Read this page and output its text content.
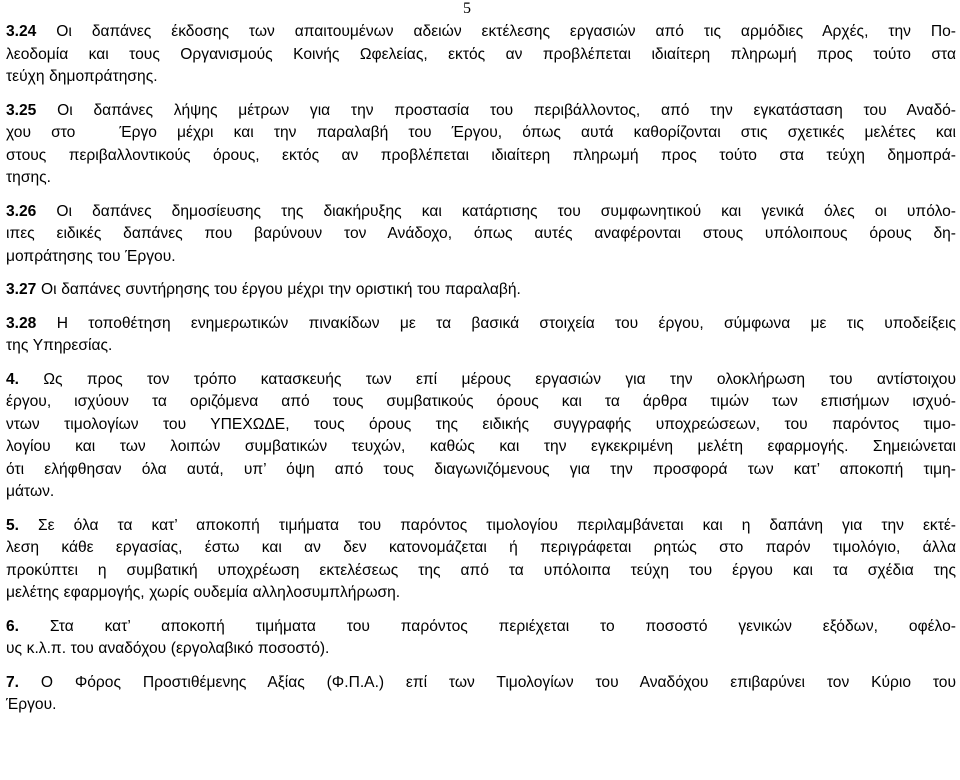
5

3.24 Οι δαπάνες έκδοσης των απαιτουμένων αδειών εκτέλεσης εργασιών από τις αρμόδιες Αρχές, την Πο-
λεοδομία και τους Οργανισμούς Κοινής Ωφελείας, εκτός αν προβλέπεται ιδιαίτερη πληρωμή προς τούτο στα
τεύχη δημοπράτησης.

3.25 Οι δαπάνες λήψης μέτρων για την προστασία του περιβάλλοντος, από την εγκατάσταση του Αναδό-
χου στο	Έργο μέχρι και την παραλαβή του Έργου, όπως αυτά καθορίζονται στις σχετικές μελέτες και
στους περιβαλλοντικούς όρους, εκτός αν προβλέπεται ιδιαίτερη πληρωμή προς τούτο στα τεύχη δημοπρά-
τησης.

3.26 Οι δαπάνες δημοσίευσης της διακήρυξης και κατάρτισης του συμφωνητικού και γενικά όλες οι υπόλο-
ιπες ειδικές δαπάνες που βαρύνουν τον Ανάδοχο, όπως αυτές αναφέρονται στους υπόλοιπους όρους δη-
μοπράτησης του Έργου.

3.27 Οι δαπάνες συντήρησης του έργου μέχρι την οριστική του παραλαβή.

3.28 Η τοποθέτηση ενημερωτικών πινακίδων με τα βασικά στοιχεία του έργου, σύμφωνα με τις υποδείξεις
της Υπηρεσίας.

4. Ως προς τον τρόπο κατασκευής των επί μέρους εργασιών για την ολοκλήρωση του αντίστοιχου
έργου, ισχύουν τα οριζόμενα από τους συμβατικούς όρους και τα άρθρα τιμών των επισήμων ισχυό-
ντων τιμολογίων του ΥΠΕΧΩΔΕ, τους όρους της ειδικής συγγραφής υποχρεώσεων, του παρόντος τιμο-
λογίου και των λοιπών συμβατικών τευχών, καθώς και την εγκεκριμένη μελέτη εφαρμογής. Σημειώνεται
ότι ελήφθησαν όλα αυτά, υπ’ όψη από τους διαγωνιζόμενους για την προσφορά των κατ’ αποκοπή τιμη-
μάτων.

5. Σε όλα τα κατ’ αποκοπή τιμήματα του παρόντος τιμολογίου περιλαμβάνεται και η δαπάνη για την εκτέ-
λεση κάθε εργασίας, έστω και αν δεν κατονομάζεται ή περιγράφεται ρητώς στο παρόν τιμολόγιο, άλλα
προκύπτει η συμβατική υποχρέωση εκτελέσεως της από τα υπόλοιπα τεύχη του έργου και τα σχέδια της
μελέτης εφαρμογής, χωρίς ουδεμία αλληλοσυμπλήρωση.

6. Στα κατ’ αποκοπή τιμήματα του παρόντος περιέχεται το ποσοστό γενικών εξόδων, οφέλο-
υς κ.λ.π. του αναδόχου (εργολαβικό ποσοστό).

7. Ο Φόρος Προστιθέμενης Αξίας (Φ.Π.Α.) επί των Τιμολογίων του Αναδόχου επιβαρύνει τον Κύριο του
Έργου.
